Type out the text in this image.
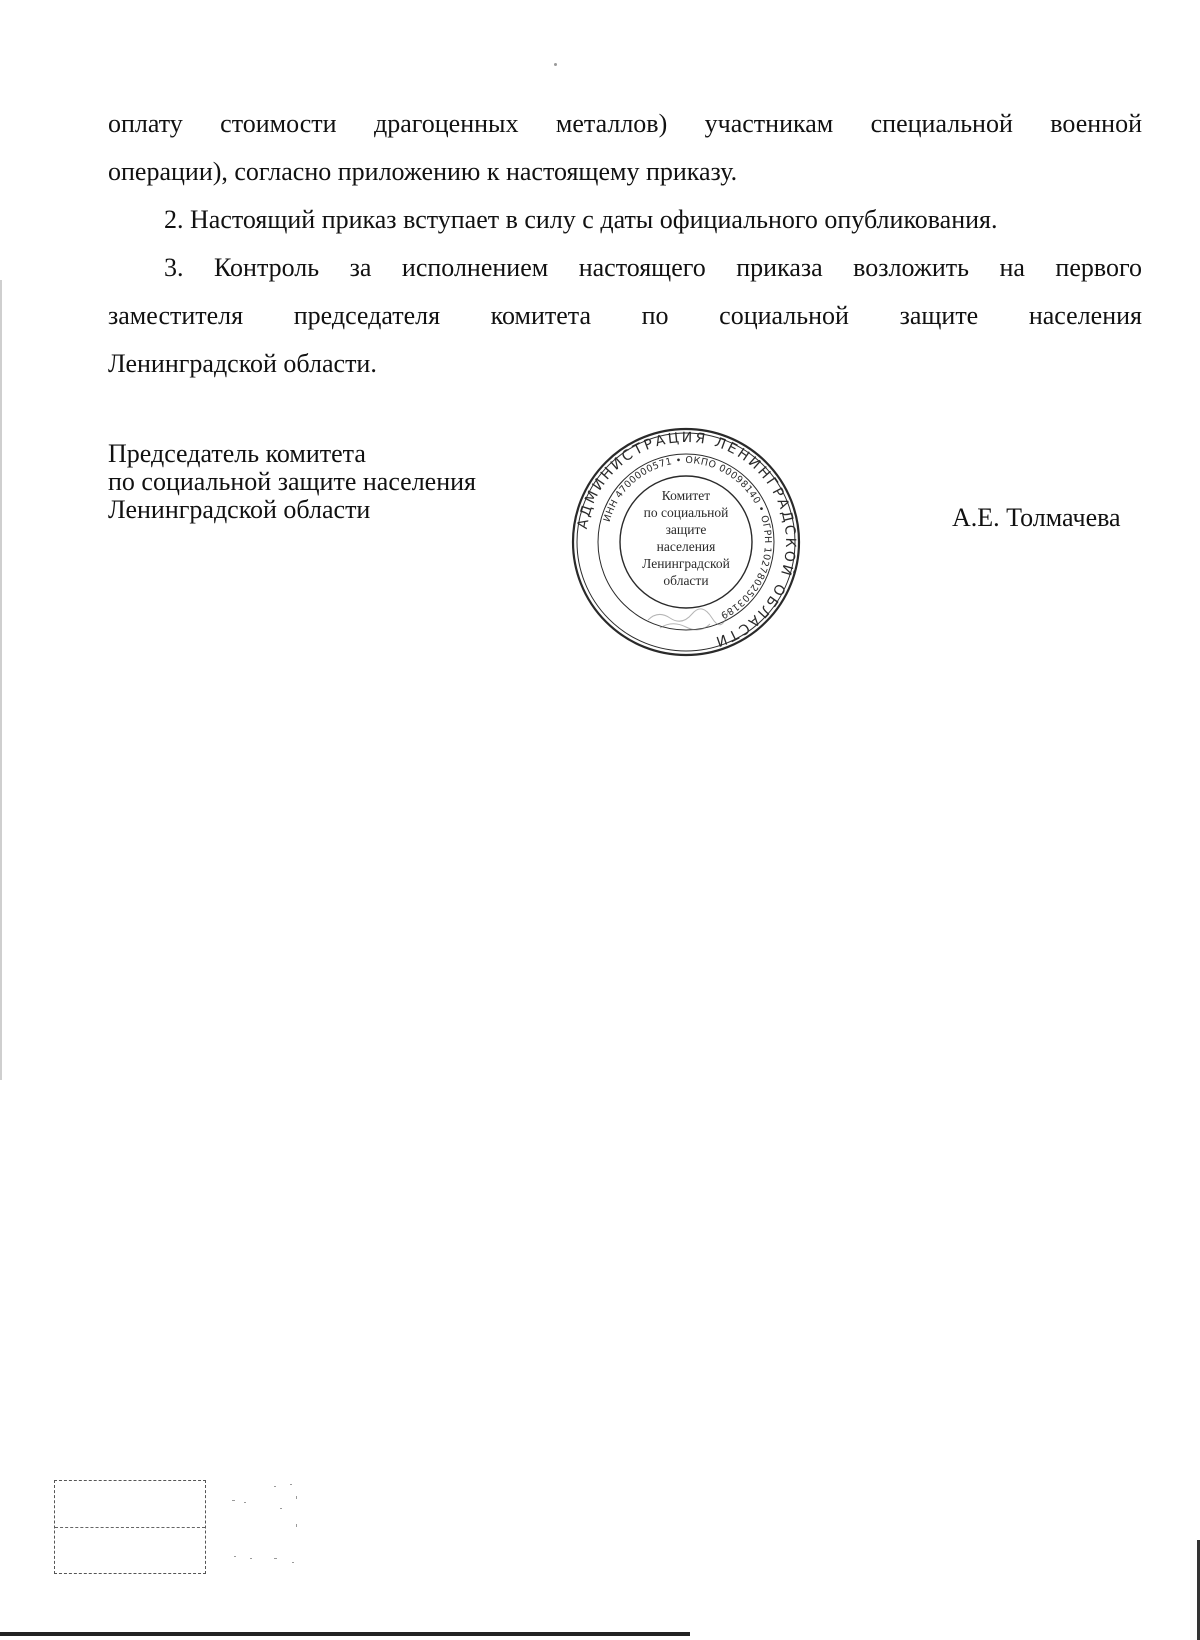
оплату стоимости драгоценных металлов) участникам специальной военной

операции), согласно приложению к настоящему приказу.

2. Настоящий приказ вступает в силу с даты официального опубликования.

3. Контроль за исполнением настоящего приказа возложить на первого

заместителя председателя комитета по социальной защите населения

Ленинградской области.

Председатель комитета
по социальной защите населения
Ленинградской области	А.Е. Толмачева
АДМИНИСТРАЦИЯ ЛЕНИНГРАДСКОЙ ОБЛАСТИ
ИНН 4700000571 • ОКПО 00098140 • ОГРН 1027802503189
Комитет
по социальной
защите
населения
Ленинградской
области
